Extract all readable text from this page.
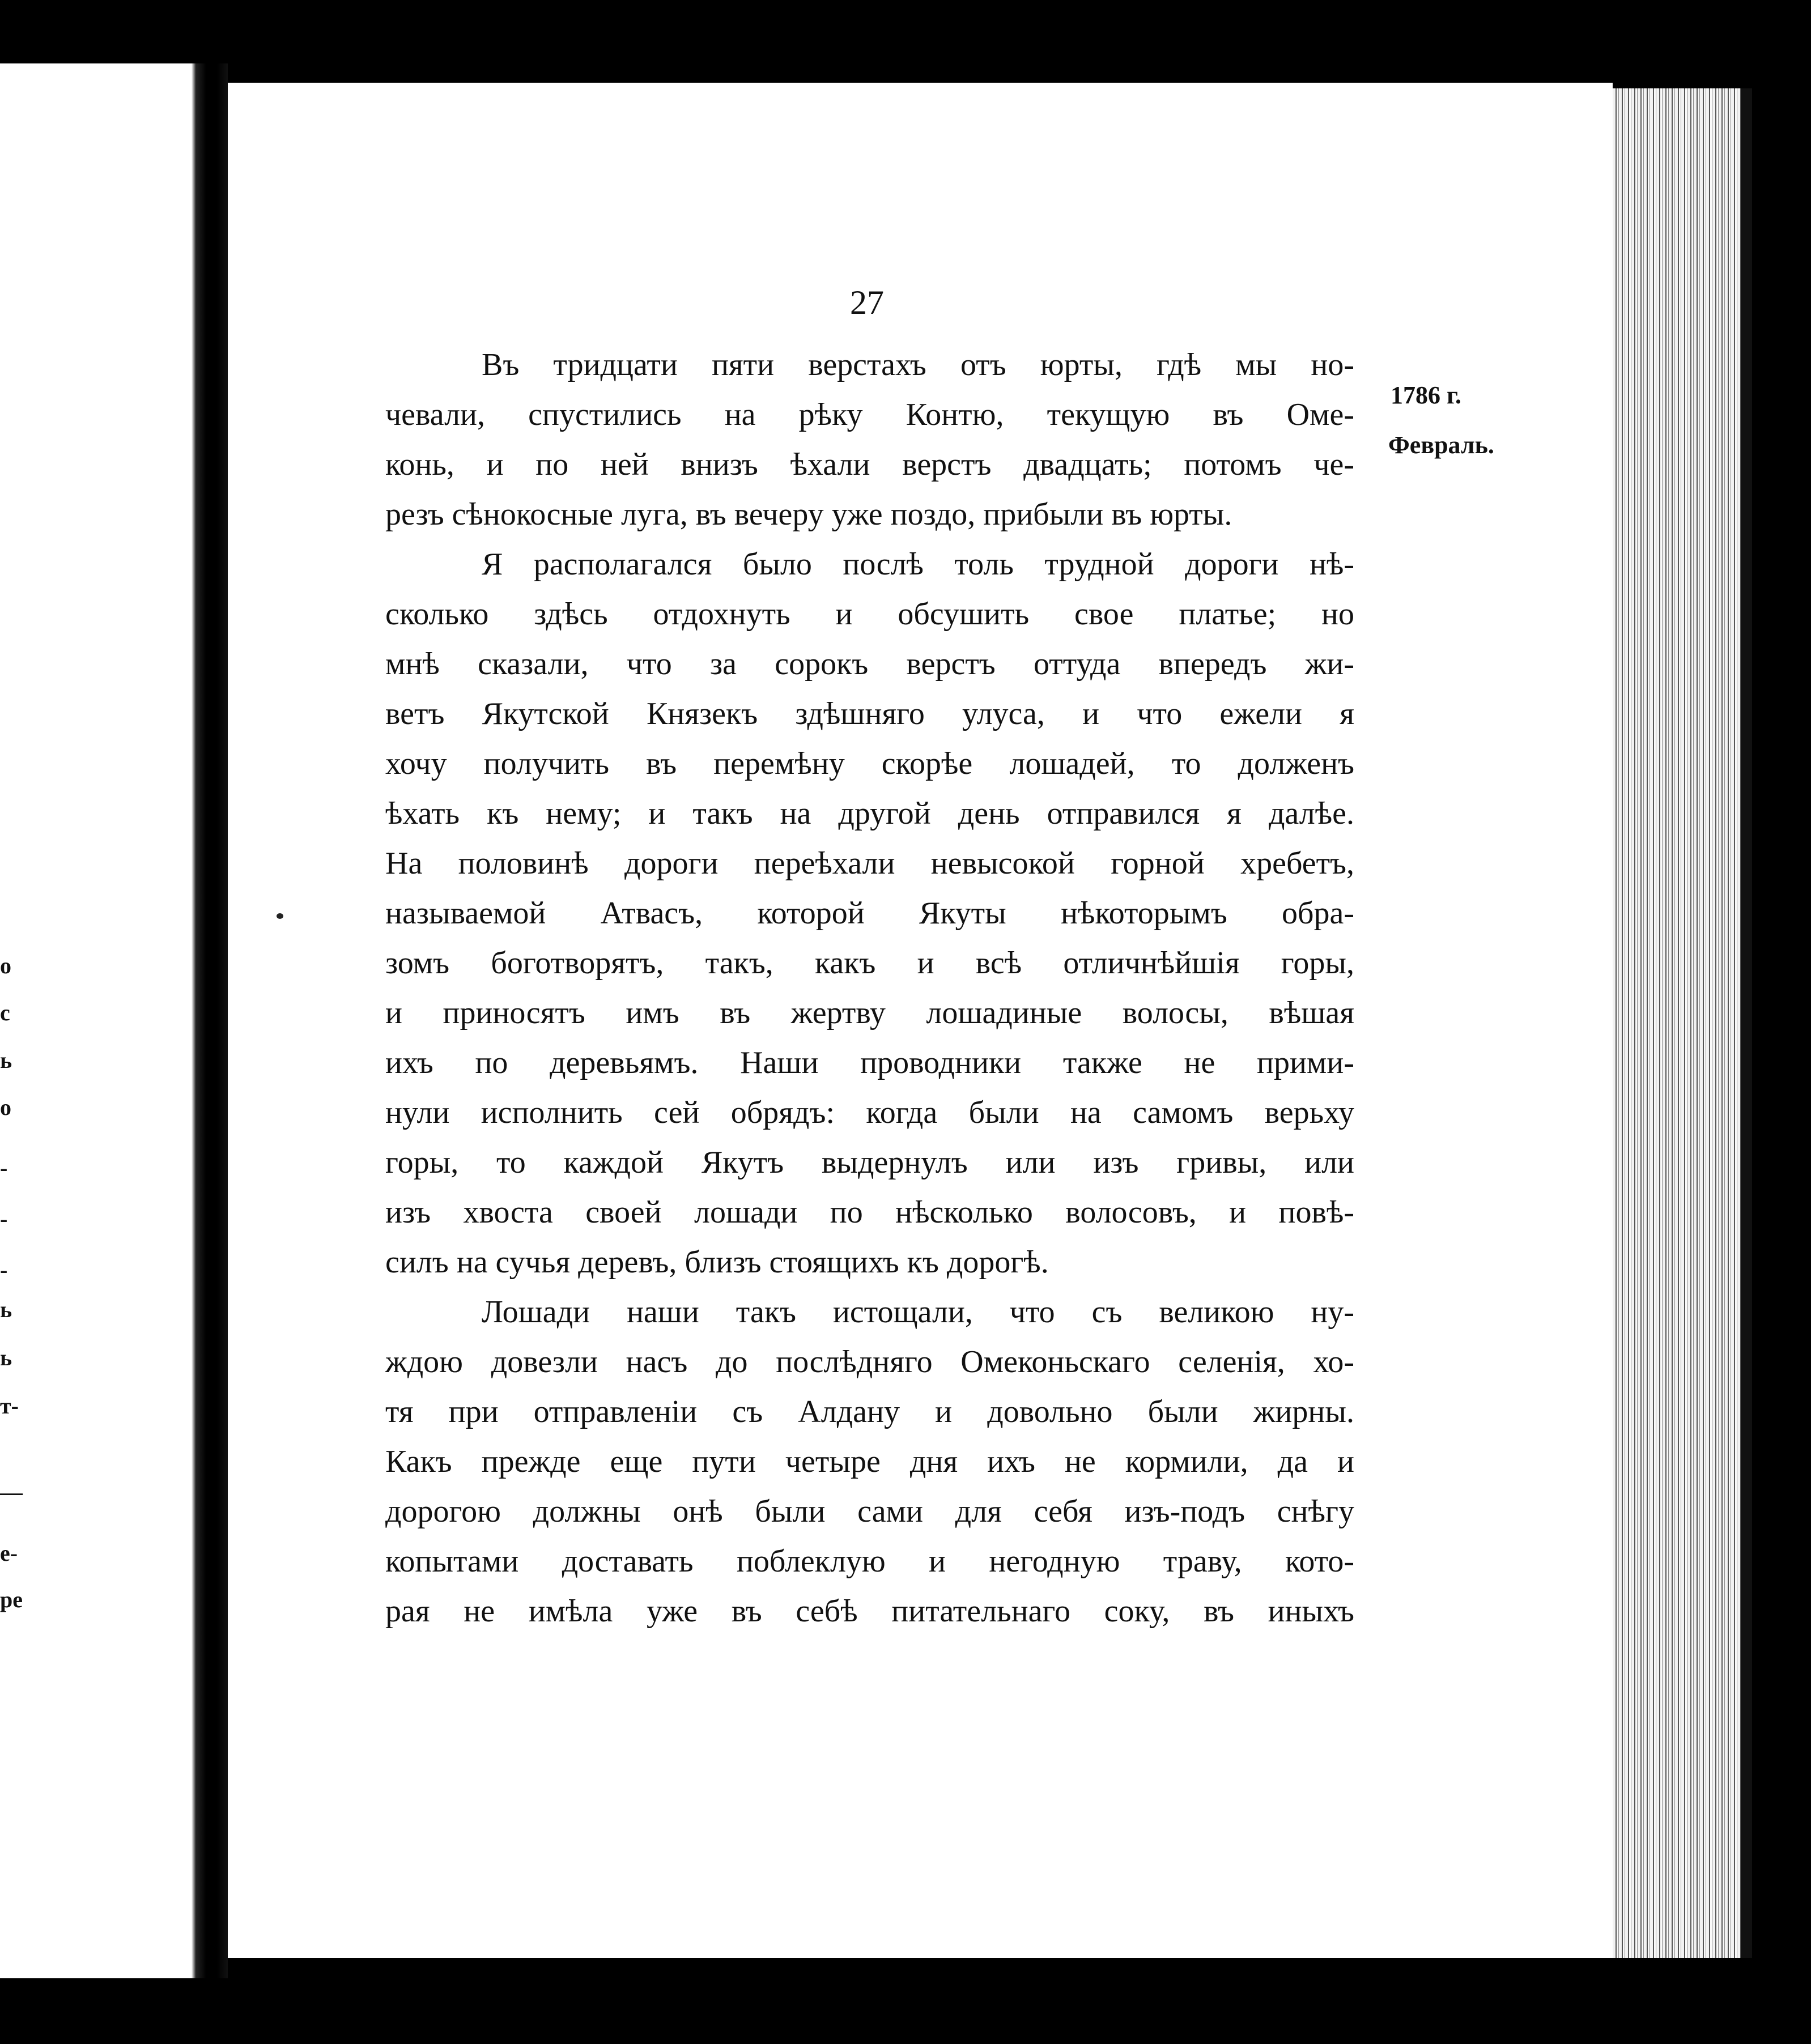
о
с
ь
о
-
-
-
ь
ь
т-
—
е-
ре
27
1786 г.
Февраль.
Въ тридцати пяти верстахъ отъ юрты, гдѣ мы но-
чевали, спустились на рѣку Контю, текущую въ Оме-
конь, и по ней внизъ ѣхали верстъ двадцать; потомъ че-
резъ сѣнокосные луга, въ вечеру уже поздо, прибыли въ юрты.
Я располагался было послѣ толь трудной дороги нѣ-
сколько здѣсь отдохнуть и обсушить свое платье; но
мнѣ сказали, что за сорокъ верстъ оттуда впередъ жи-
ветъ Якутской Князекъ здѣшняго улуса, и что ежели я
хочу получить въ перемѣну скорѣе лошадей, то долженъ
ѣхать къ нему; и такъ на другой день отправился я далѣе.
На половинѣ дороги переѣхали невысокой горной хребетъ,
называемой Атвасъ, которой Якуты нѣкоторымъ обра-
зомъ боготворятъ, такъ, какъ и всѣ отличнѣйшія горы,
и приносятъ имъ въ жертву лошадиные волосы, вѣшая
ихъ по деревьямъ. Наши проводники также не прими-
нули исполнить сей обрядъ: когда были на самомъ верьху
горы, то каждой Якутъ выдернулъ или изъ гривы, или
изъ хвоста своей лошади по нѣсколько волосовъ, и повѣ-
силъ на сучья деревъ, близъ стоящихъ къ дорогѣ.
Лошади наши такъ истощали, что съ великою ну-
ждою довезли насъ до послѣдняго Омеконьскаго селенія, хо-
тя при отправленіи съ Алдану и довольно были жирны.
Какъ прежде еще пути четыре дня ихъ не кормили, да и
дорогою должны онѣ были сами для себя изъ-подъ снѣгу
копытами доставать поблеклую и негодную траву, кото-
рая не имѣла уже въ себѣ питательнаго соку, въ иныхъ
